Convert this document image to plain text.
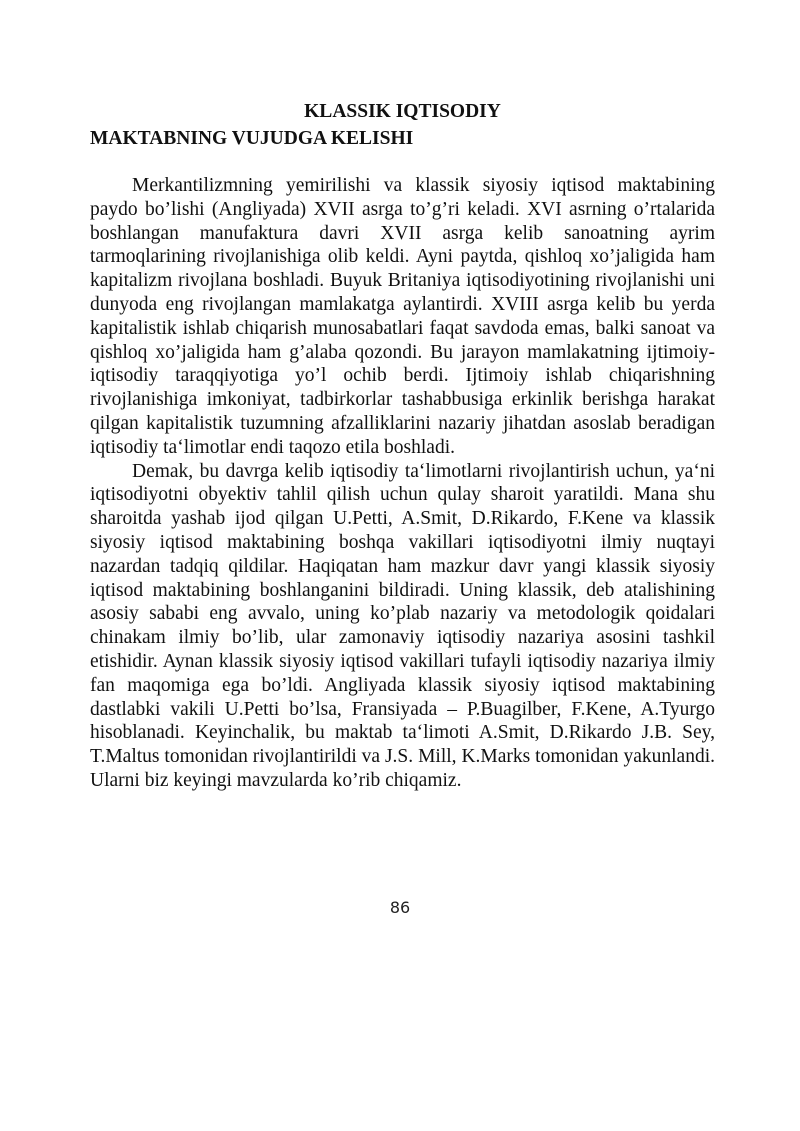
KLASSIK IQTISODIY
MAKTABNING VUJUDGA KELISHI

Merkantilizmning yemirilishi va klassik siyosiy iqtisod maktabining paydo bo’lishi (Angliyada) XVII asrga to’g’ri keladi. XVI asrning o’rtalarida boshlangan manufaktura davri XVII asrga kelib sanoatning ayrim tarmoqlarining rivojlanishiga olib keldi. Ayni paytda, qishloq xo’jaligida ham kapitalizm rivojlana boshladi. Buyuk Britaniya iqtisodiyotining rivojlanishi uni dunyoda eng rivojlangan mamlakatga aylantirdi. XVIII asrga kelib bu yerda kapitalistik ishlab chiqarish munosabatlari faqat savdoda emas, balki sanoat va qishloq xo’jaligida ham g’alaba qozondi. Bu jarayon mamlakatning ijtimoiy-iqtisodiy taraqqiyotiga yo’l ochib berdi. Ijtimoiy ishlab chiqarishning rivojlanishiga imkoniyat, tadbirkorlar tashabbusiga erkinlik berishga harakat qilgan kapitalistik tuzumning afzalliklarini nazariy jihatdan asoslab beradigan iqtisodiy ta‘limotlar endi taqozo etila boshladi.

Demak, bu davrga kelib iqtisodiy ta‘limotlarni rivojlantirish uchun, ya‘ni iqtisodiyotni obyektiv tahlil qilish uchun qulay sharoit yaratildi. Mana shu sharoitda yashab ijod qilgan U.Petti, A.Smit, D.Rikardo, F.Kene va klassik siyosiy iqtisod maktabining boshqa vakillari iqtisodiyotni ilmiy nuqtayi nazardan tadqiq qildilar. Haqiqatan ham mazkur davr yangi klassik siyosiy iqtisod maktabining boshlanganini bildiradi. Uning klassik, deb atalishining asosiy sababi eng avvalo, uning ko’plab nazariy va metodologik qoidalari chinakam ilmiy bo’lib, ular zamonaviy iqtisodiy nazariya asosini tashkil etishidir. Aynan klassik siyosiy iqtisod vakillari tufayli iqtisodiy nazariya ilmiy fan maqomiga ega bo’ldi. Angliyada klassik siyosiy iqtisod maktabining dastlabki vakili U.Petti bo’lsa, Fransiyada – P.Buagilber, F.Kene, A.Tyurgo hisoblanadi. Keyinchalik, bu maktab ta‘limoti A.Smit, D.Rikardo J.B. Sey, T.Maltus tomonidan rivojlantirildi va J.S. Mill, K.Marks tomonidan yakunlandi. Ularni biz keyingi mavzularda ko’rib chiqamiz.

86
